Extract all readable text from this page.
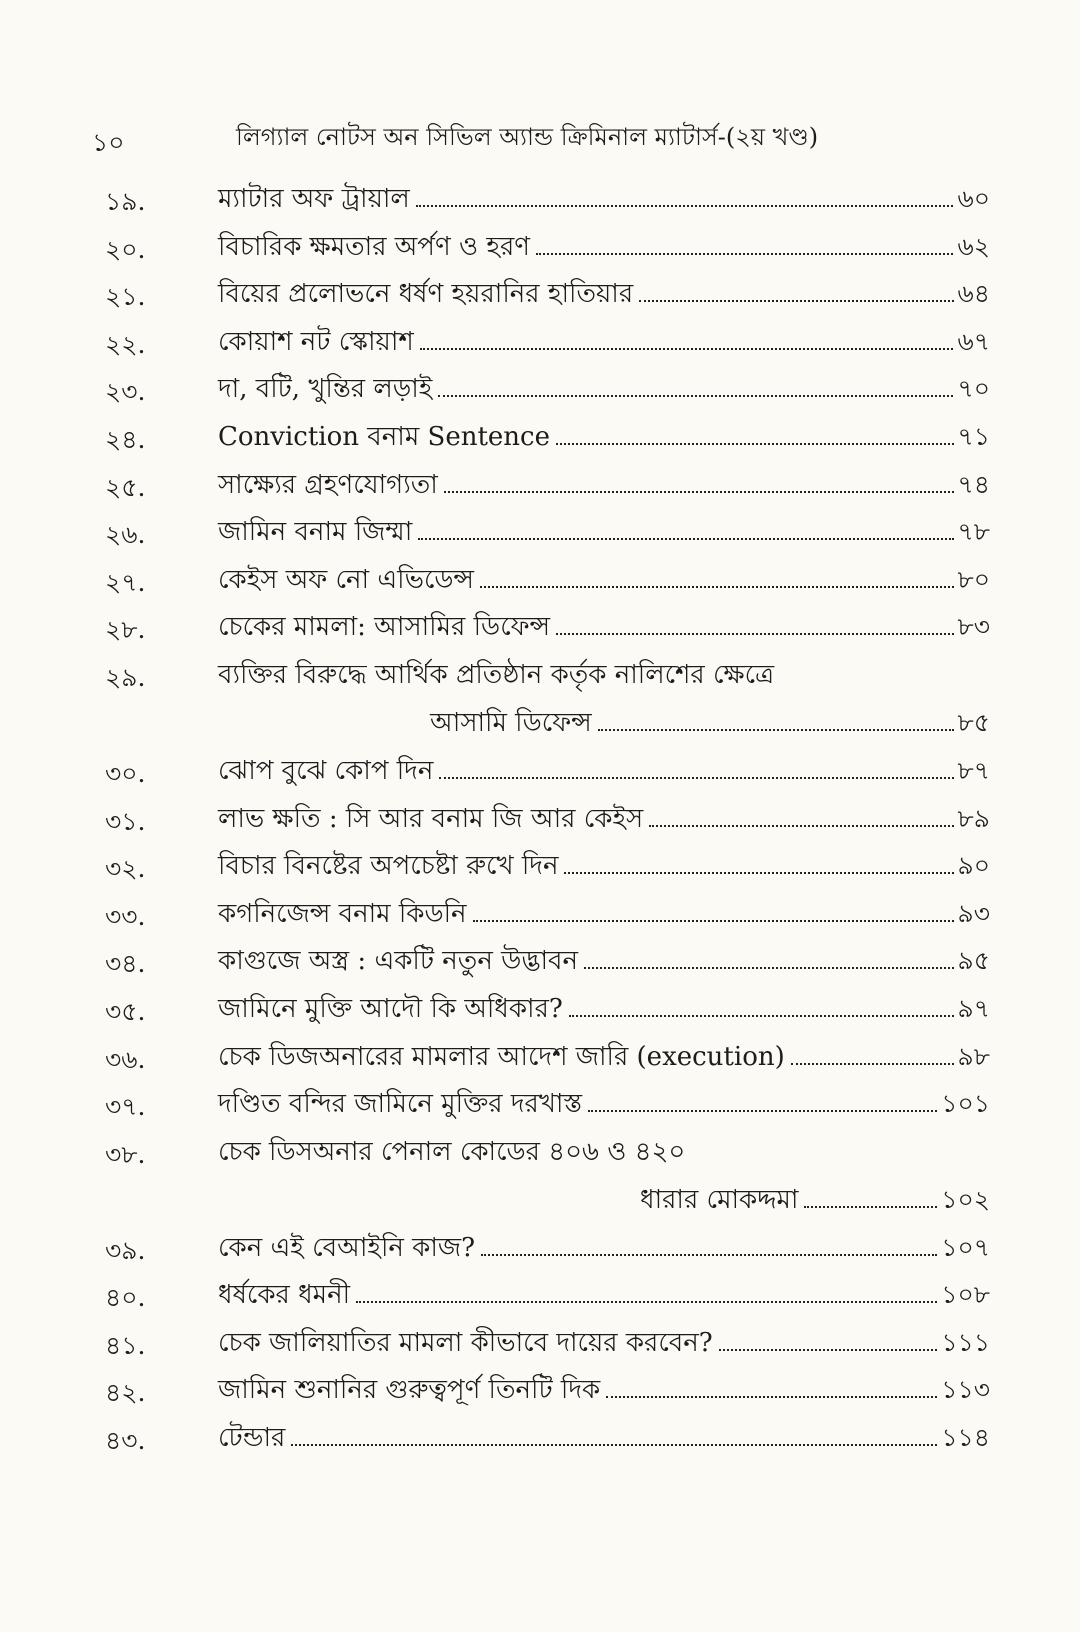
১০	লিগ্যাল নোটস অন সিভিল অ্যান্ড ক্রিমিনাল ম্যাটার্স-(২য় খণ্ড)
১৯.	ম্যাটার অফ ট্রায়াল	৬০
২০.	বিচারিক ক্ষমতার অর্পণ ও হরণ	৬২
২১.	বিয়ের প্রলোভনে ধর্ষণ হয়রানির হাতিয়ার	৬৪
২২.	কোয়াশ নট স্কোয়াশ	৬৭
২৩.	দা, বটি, খুন্তির লড়াই	৭০
২৪.	Conviction বনাম Sentence	৭১
২৫.	সাক্ষ্যের গ্রহণযোগ্যতা	৭৪
২৬.	জামিন বনাম জিম্মা	৭৮
২৭.	কেইস অফ নো এভিডেন্স	৮০
২৮.	চেকের মামলা: আসামির ডিফেন্স	৮৩
২৯.	ব্যক্তির বিরুদ্ধে আর্থিক প্রতিষ্ঠান কর্তৃক নালিশের ক্ষেত্রে
আসামি ডিফেন্স	৮৫
৩০.	ঝোপ বুঝে কোপ দিন	৮৭
৩১.	লাভ ক্ষতি : সি আর বনাম জি আর কেইস	৮৯
৩২.	বিচার বিনষ্টের অপচেষ্টা রুখে দিন	৯০
৩৩.	কগনিজেন্স বনাম কিডনি	৯৩
৩৪.	কাগুজে অস্ত্র : একটি নতুন উদ্ভাবন	৯৫
৩৫.	জামিনে মুক্তি আদৌ কি অধিকার?	৯৭
৩৬.	চেক ডিজঅনারের মামলার আদেশ জারি (execution)	৯৮
৩৭.	দণ্ডিত বন্দির জামিনে মুক্তির দরখাস্ত	১০১
৩৮.	চেক ডিসঅনার পেনাল কোডের ৪০৬ ও ৪২০
ধারার মোকদ্দমা	১০২
৩৯.	কেন এই বেআইনি কাজ?	১০৭
৪০.	ধর্ষকের ধমনী	১০৮
৪১.	চেক জালিয়াতির মামলা কীভাবে দায়ের করবেন?	১১১
৪২.	জামিন শুনানির গুরুত্বপূর্ণ তিনটি দিক	১১৩
৪৩.	টেন্ডার	১১৪
